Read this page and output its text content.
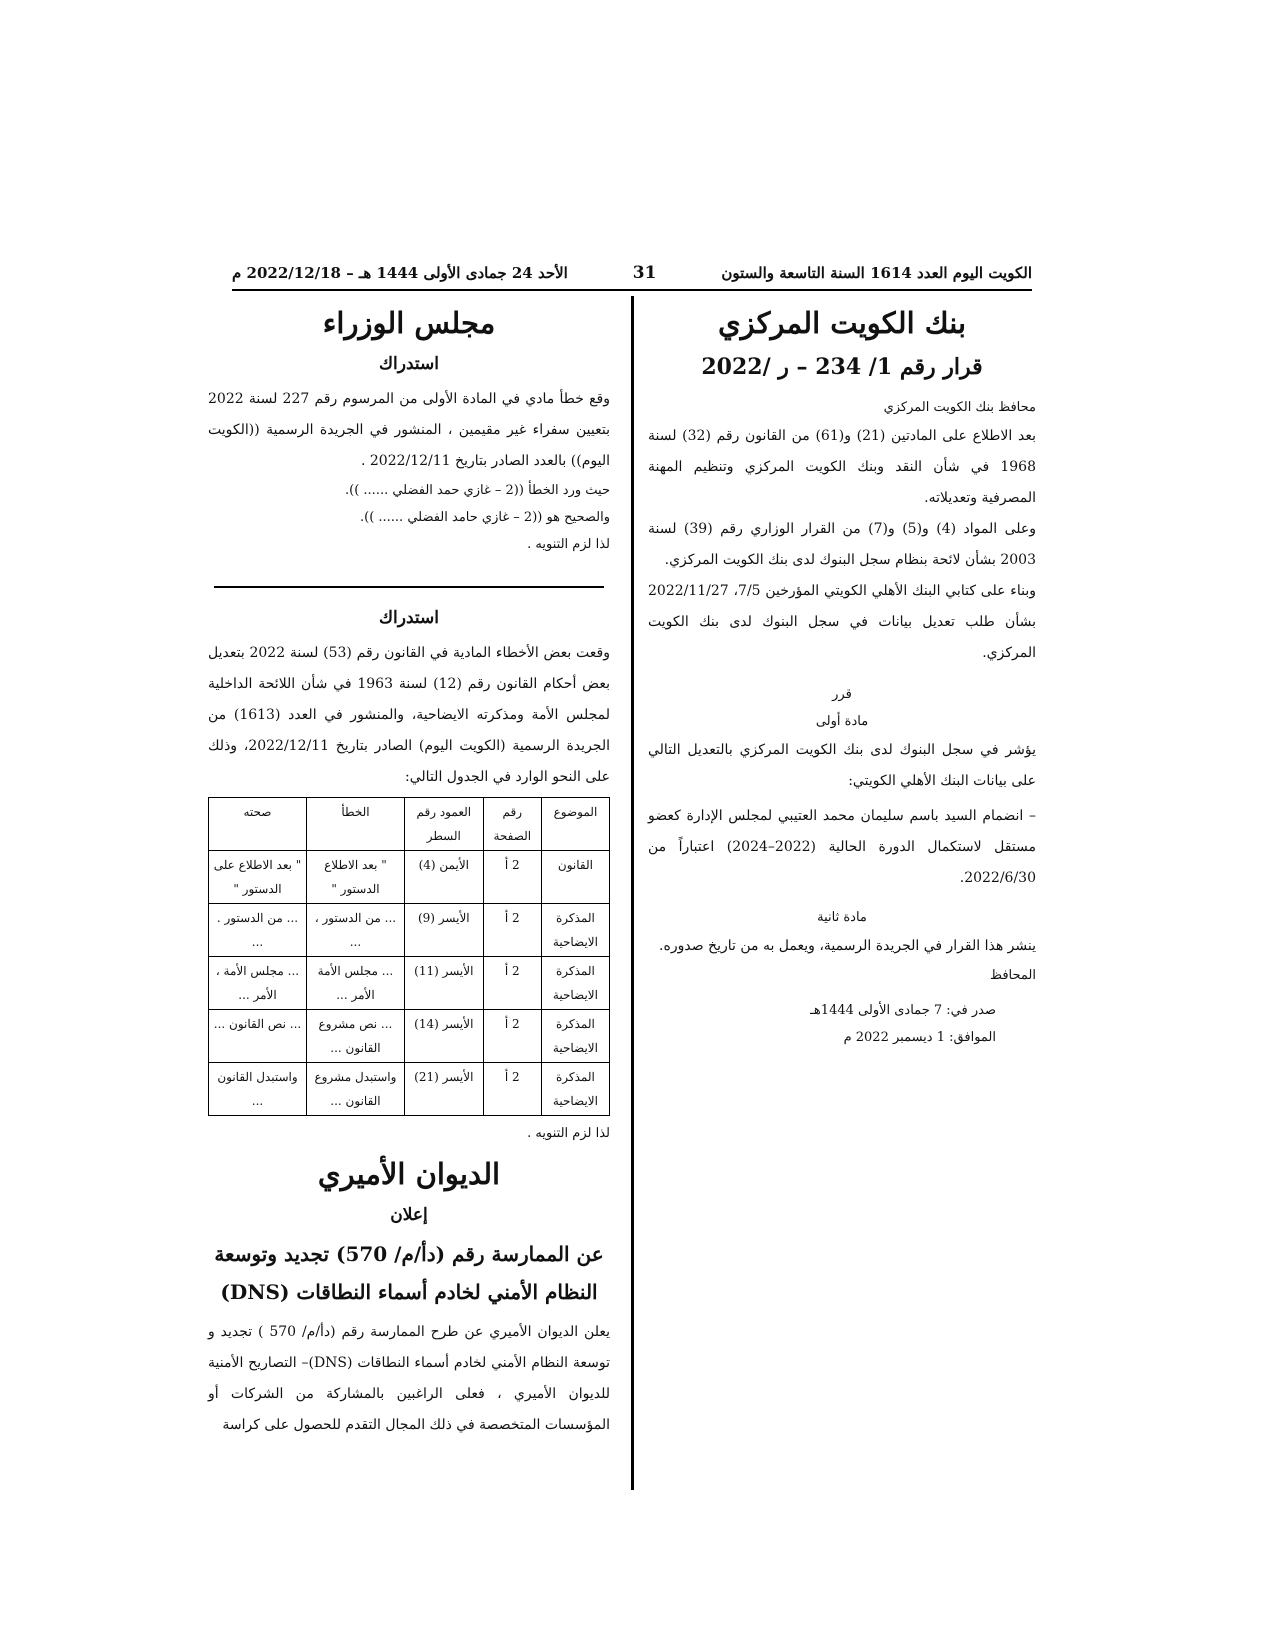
الكويت اليوم العدد 1614 السنة التاسعة والستون
31
الأحد 24 جمادى الأولى 1444 هـ – 2022/12/18 م
بنك الكويت المركزي
قرار رقم 1/ 234 – ر /2022

محافظ بنك الكويت المركزي

بعد الاطلاع على المادتين (21) و(61) من القانون رقم (32) لسنة 1968 في شأن النقد وبنك الكويت المركزي وتنظيم المهنة المصرفية وتعديلاته.

وعلى المواد (4) و(5) و(7) من القرار الوزاري رقم (39) لسنة 2003 بشأن لائحة بنظام سجل البنوك لدى بنك الكويت المركزي.

وبناء على كتابي البنك الأهلي الكويتي المؤرخين 7/5، 2022/11/27 بشأن طلب تعديل بيانات في سجل البنوك لدى بنك الكويت المركزي.

قرر

مادة أولى

يؤشر في سجل البنوك لدى بنك الكويت المركزي بالتعديل التالي على بيانات البنك الأهلي الكويتي:

– انضمام السيد باسم سليمان محمد العتيبي لمجلس الإدارة كعضو مستقل لاستكمال الدورة الحالية (2022–2024) اعتباراً من 2022/6/30.

مادة ثانية

ينشر هذا القرار في الجريدة الرسمية، ويعمل به من تاريخ صدوره.

المحافظ

صدر في: 7 جمادى الأولى 1444هـ

الموافق: 1 ديسمبر 2022 م

مجلس الوزراء
استدراك

وقع خطأ مادي في المادة الأولى من المرسوم رقم 227 لسنة 2022 بتعيين سفراء غير مقيمين ، المنشور في الجريدة الرسمية ((الكويت اليوم)) بالعدد الصادر بتاريخ 2022/12/11 .

حيث ورد الخطأ ((2 – غازي حمد الفضلي ...... )).

والصحيح هو ((2 – غازي حامد الفضلي ...... )).

لذا لزم التنويه .

استدراك

وقعت بعض الأخطاء المادية في القانون رقم (53) لسنة 2022 بتعديل بعض أحكام القانون رقم (12) لسنة 1963 في شأن اللائحة الداخلية لمجلس الأمة ومذكرته الايضاحية، والمنشور في العدد (1613) من الجريدة الرسمية (الكويت اليوم) الصادر بتاريخ 2022/12/11، وذلك على النحو الوارد في الجدول التالي:

الموضوع	رقم الصفحة	العمود رقم السطر	الخطأ	صحته
القانون	2 أ	الأيمن (4)	" بعد الاطلاع الدستور "	" بعد الاطلاع على الدستور "
المذكرة الايضاحية	2 أ	الأيسر (9)	... من الدستور ، ...	... من الدستور . ...
المذكرة الايضاحية	2 أ	الأيسر (11)	... مجلس الأمة الأمر ...	... مجلس الأمة ، الأمر ...
المذكرة الايضاحية	2 أ	الأيسر (14)	... نص مشروع القانون ...	... نص القانون ...
المذكرة الايضاحية	2 أ	الأيسر (21)	واستبدل مشروع القانون ...	واستبدل القانون ...

لذا لزم التنويه .

الديوان الأميري
إعلان

عن الممارسة رقم (دأ/م/ 570) تجديد وتوسعة النظام الأمني لخادم أسماء النطاقات (DNS)

يعلن الديوان الأميري عن طرح الممارسة رقم (دأ/م/ 570 ) تجديد و توسعة النظام الأمني لخادم أسماء النطاقات (DNS)– التصاريح الأمنية للديوان الأميري ، فعلى الراغبين بالمشاركة من الشركات أو المؤسسات المتخصصة في ذلك المجال التقدم للحصول على كراسة
